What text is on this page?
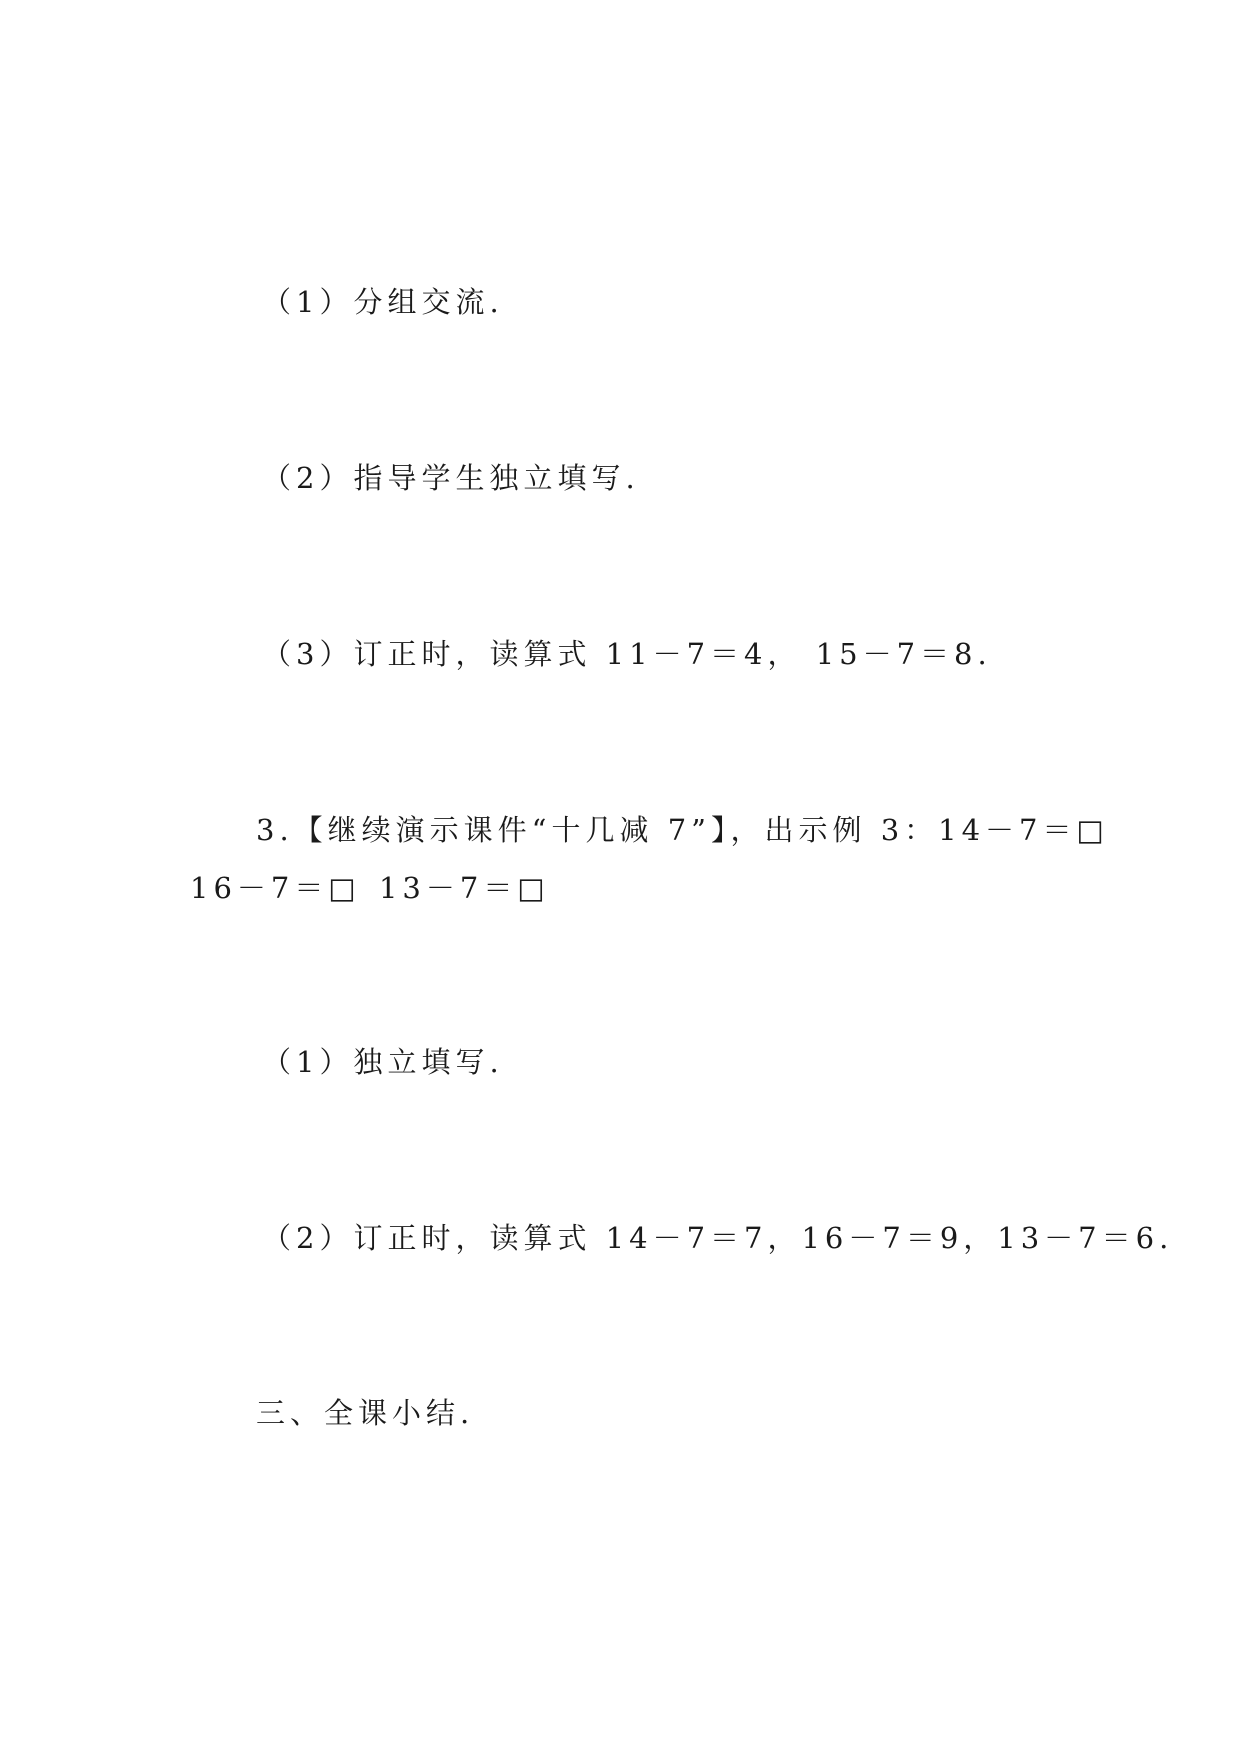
（1）分组交流.
（2）指导学生独立填写.
（3）订正时，读算式 11－7＝4， 15－7＝8.
3.【继续演示课件“十几减 7”】，出示例 3：14－7＝□
16－7＝□ 13－7＝□
（1）独立填写.
（2）订正时，读算式 14－7＝7，16－7＝9，13－7＝6.
三、全课小结.
